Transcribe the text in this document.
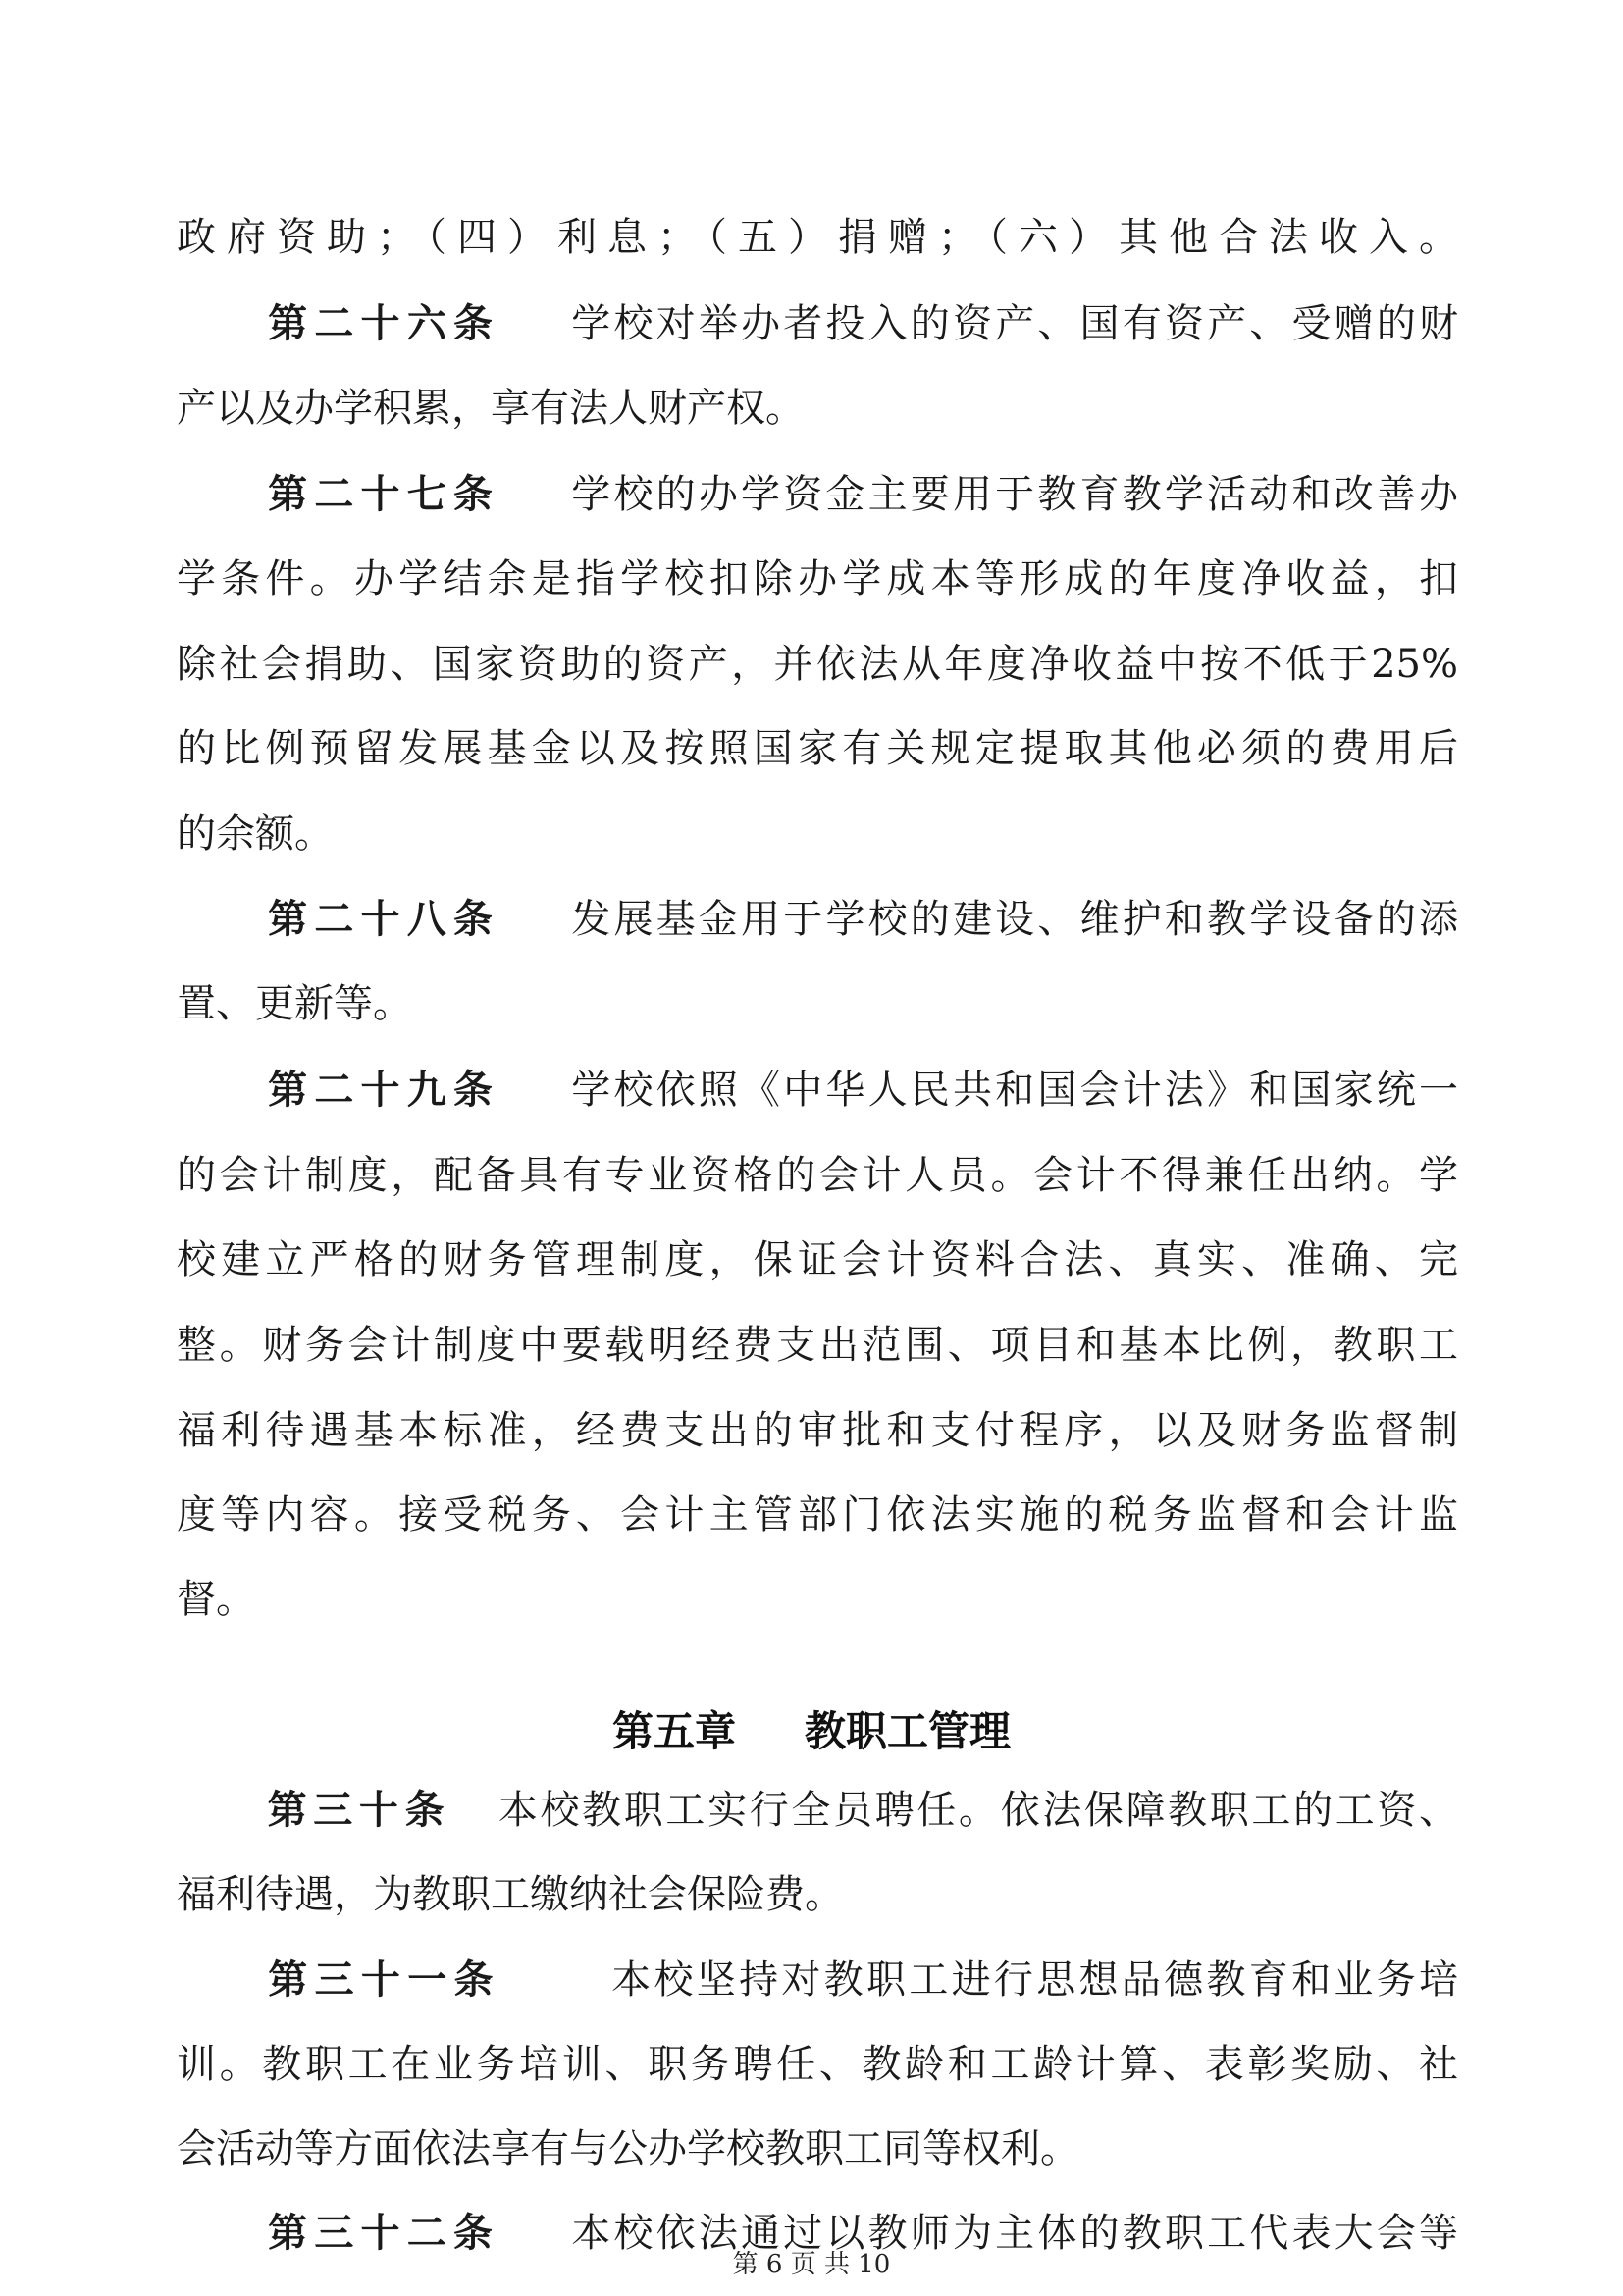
政府资助；（四）利息；（五）捐赠；（六）其他合法收入。
第二十六条 学校对举办者投入的资产、国有资产、受赠的财
产以及办学积累，享有法人财产权。
第二十七条 学校的办学资金主要用于教育教学活动和改善办
学条件。办学结余是指学校扣除办学成本等形成的年度净收益，扣
除社会捐助、国家资助的资产，并依法从年度净收益中按不低于25%
的比例预留发展基金以及按照国家有关规定提取其他必须的费用后
的余额。
第二十八条 发展基金用于学校的建设、维护和教学设备的添
置、更新等。
第二十九条 学校依照《中华人民共和国会计法》和国家统一
的会计制度，配备具有专业资格的会计人员。会计不得兼任出纳。学
校建立严格的财务管理制度，保证会计资料合法、真实、准确、完
整。财务会计制度中要载明经费支出范围、项目和基本比例，教职工
福利待遇基本标准，经费支出的审批和支付程序，以及财务监督制
度等内容。接受税务、会计主管部门依法实施的税务监督和会计监
督。
第五章 教职工管理
第三十条 本校教职工实行全员聘任。依法保障教职工的工资、
福利待遇，为教职工缴纳社会保险费。
第三十一条	本校坚持对教职工进行思想品德教育和业务培
训。教职工在业务培训、职务聘任、教龄和工龄计算、表彰奖励、社
会活动等方面依法享有与公办学校教职工同等权利。
第三十二条 本校依法通过以教师为主体的教职工代表大会等
第 6 页 共 10
